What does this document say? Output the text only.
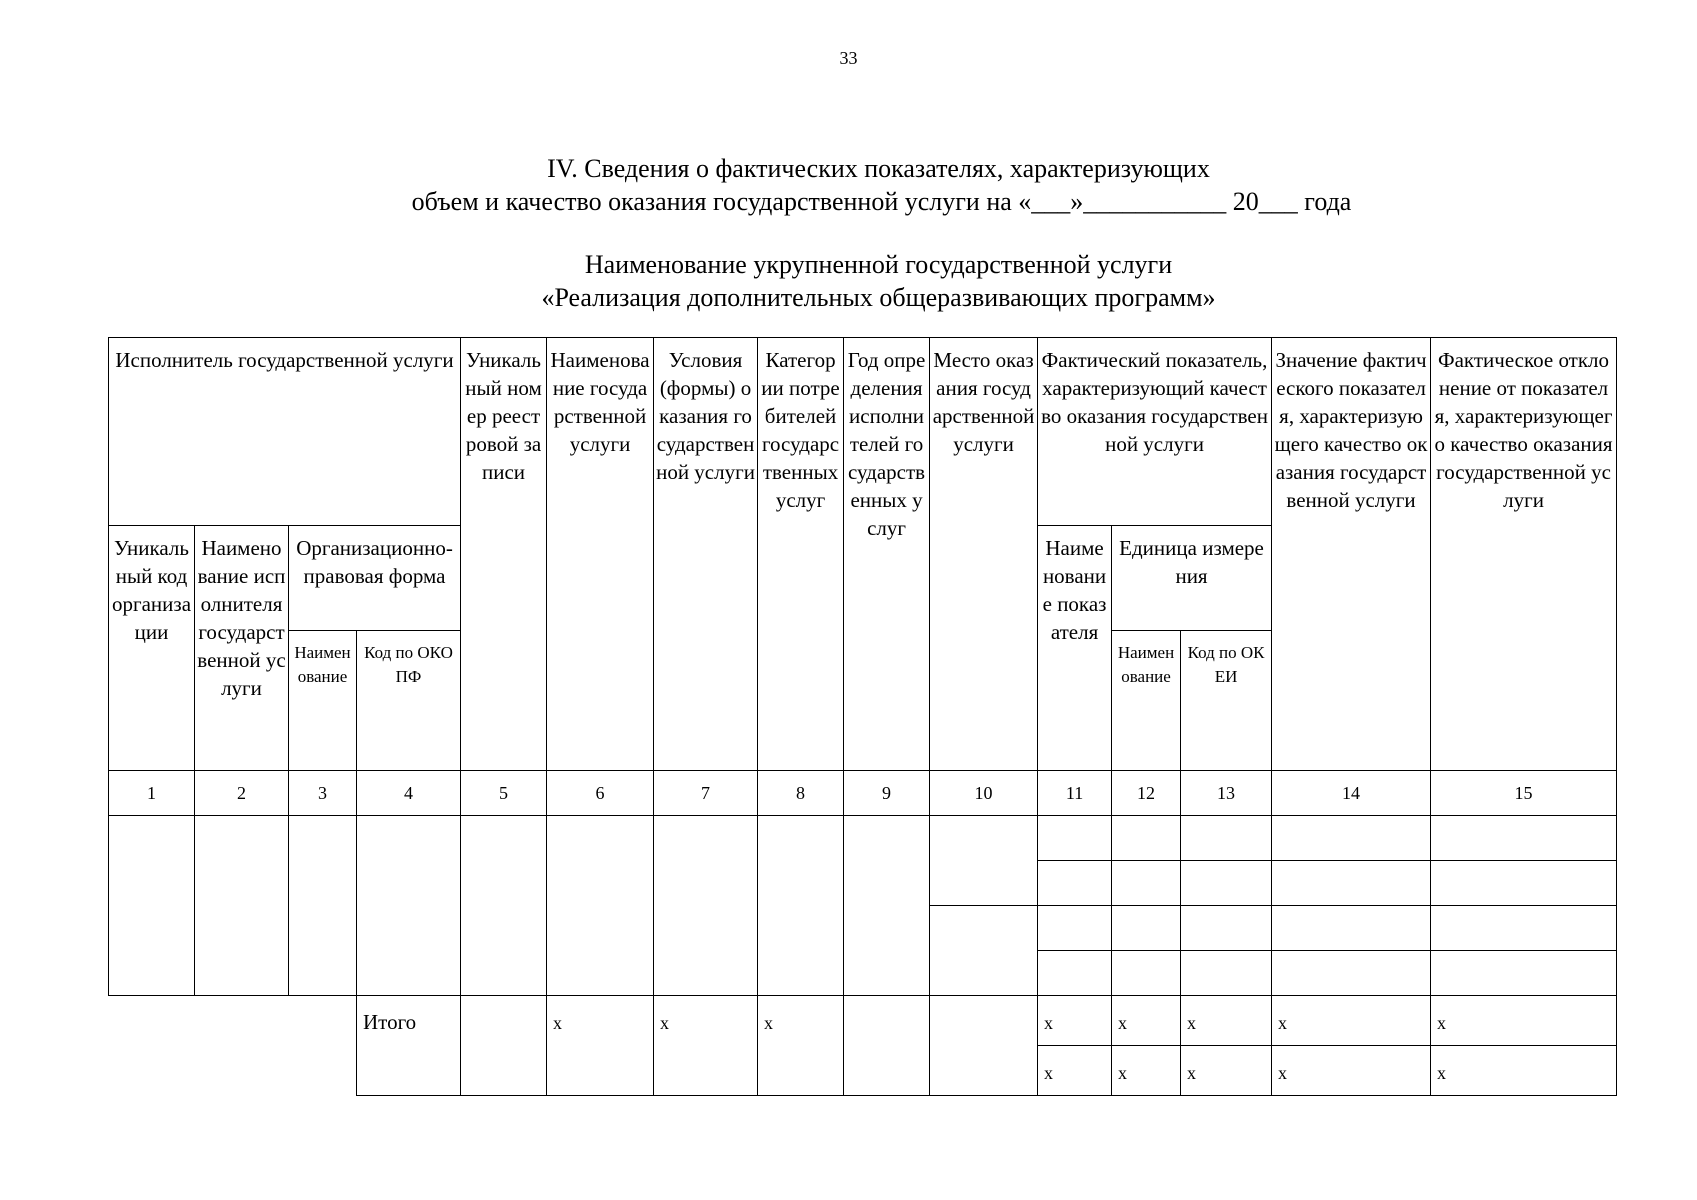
33
IV. Сведения о фактических показателях, характеризующих
объем и качество оказания государственной услуги на «___»___________ 20___ года
Наименование укрупненной государственной услуги
«Реализация дополнительных общеразвивающих программ»
Исполнитель государственной услуги				Уникальный номер реестровой записи	Наименование государственной услуги	Условия (формы) оказания государственной услуги	Категории потребителей государственных услуг	Год определения исполнителей государственных услуг	Место оказания государственной услуги	Фактический показатель, характеризующий качество оказания государственной услуги			Значение фактического показателя, характеризующего качество оказания государственной услуги	Фактическое отклонение от показателя, характеризующего качество оказания государственной услуги
Уникальный код организации	Наименование исполнителя государственной услуги	Организационно-правовая форма								Наименование показателя	Единица измерения			
		Наименование	Код по ОКОПФ								Наименование	Код по ОКЕИ		
1	2	3	4	5	6	7	8	9	10	11	12	13	14	15

			Итого		х	х	х			х	х	х	х	х
										х	х	х	х	х
